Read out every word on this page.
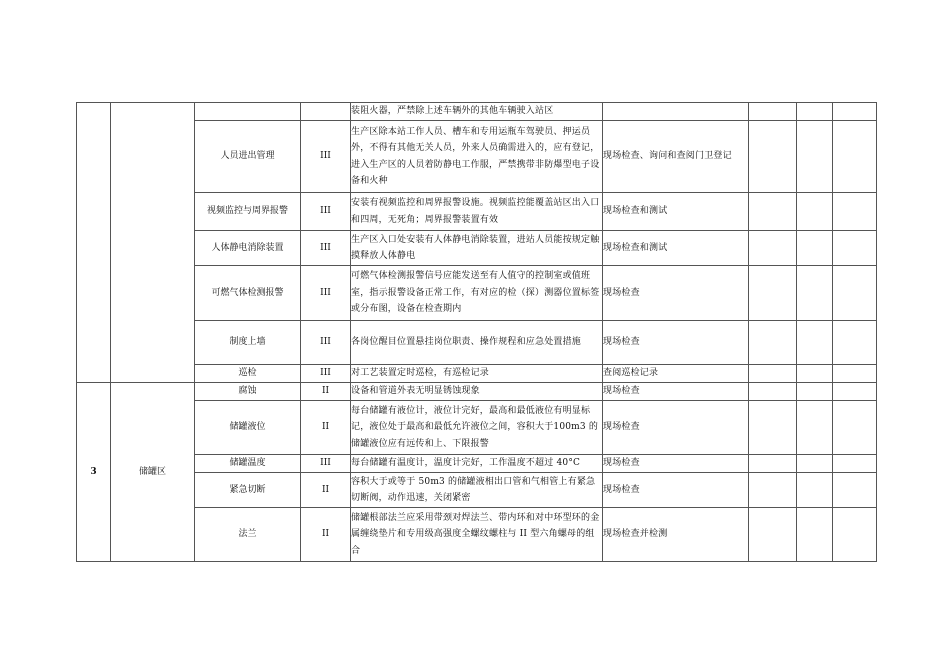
				装阻火器，严禁除上述车辆外的其他车辆驶入站区				
		人员进出管理	III	生产区除本站工作人员、槽车和专用运瓶车驾驶员、押运员外，不得有其他无关人员，外来人员确需进入的，应有登记，进入生产区的人员着防静电工作服，严禁携带非防爆型电子设备和火种	现场检查、询问和查阅门卫登记			
		视频监控与周界报警	III	安装有视频监控和周界报警设施。视频监控能覆盖站区出入口和四周，无死角；周界报警装置有效	现场检查和测试			
		人体静电消除装置	III	生产区入口处安装有人体静电消除装置，进站人员能按规定触摸释放人体静电	现场检查和测试			
		可燃气体检测报警	III	可燃气体检测报警信号应能发送至有人值守的控制室或值班室，指示报警设备正常工作，有对应的检（探）测器位置标签或分布图，设备在检查期内	现场检查			
		制度上墙	III	各岗位醒目位置悬挂岗位职责、操作规程和应急处置措施	现场检查			
		巡检	III	对工艺装置定时巡检，有巡检记录	查阅巡检记录			
3	储罐区	腐蚀	II	设备和管道外表无明显锈蚀现象	现场检查			
		储罐液位	II	每台储罐有液位计，液位计完好，最高和最低液位有明显标记，液位处于最高和最低允许液位之间，容积大于100m3 的储罐液位应有远传和上、下限报警	现场检查			
		储罐温度	III	每台储罐有温度计，温度计完好，工作温度不超过 40°C	现场检查			
		紧急切断	II	容积大于或等于 50m3 的储罐液相出口管和气相管上有紧急切断阀，动作迅速，关闭紧密	现场检查			
		法兰	II	储罐根部法兰应采用带颈对焊法兰、带内环和对中环型环的金属缠绕垫片和专用级高强度全螺纹螺柱与 II 型六角螺母的组合	现场检查并检测			
